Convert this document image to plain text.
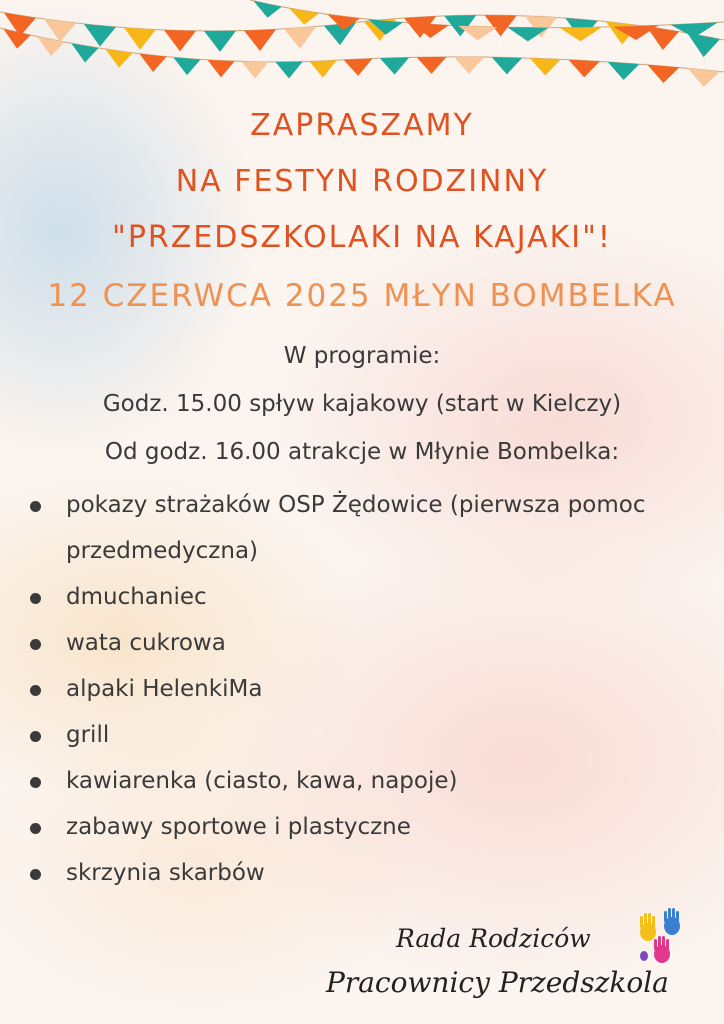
ZAPRASZAMY
NA FESTYN RODZINNY
"PRZEDSZKOLAKI NA KAJAKI"!
12 CZERWCA 2025 MŁYN BOMBELKA
W programie:
Godz. 15.00 spływ kajakowy (start w Kielczy)
Od godz. 16.00 atrakcje w Młynie Bombelka:
pokazy strażaków OSP Żędowice (pierwsza pomoc przedmedyczna)
dmuchaniec
wata cukrowa
alpaki HelenkiMa
grill
kawiarenka (ciasto, kawa, napoje)
zabawy sportowe i plastyczne
skrzynia skarbów
Rada Rodziców
Pracownicy Przedszkola
